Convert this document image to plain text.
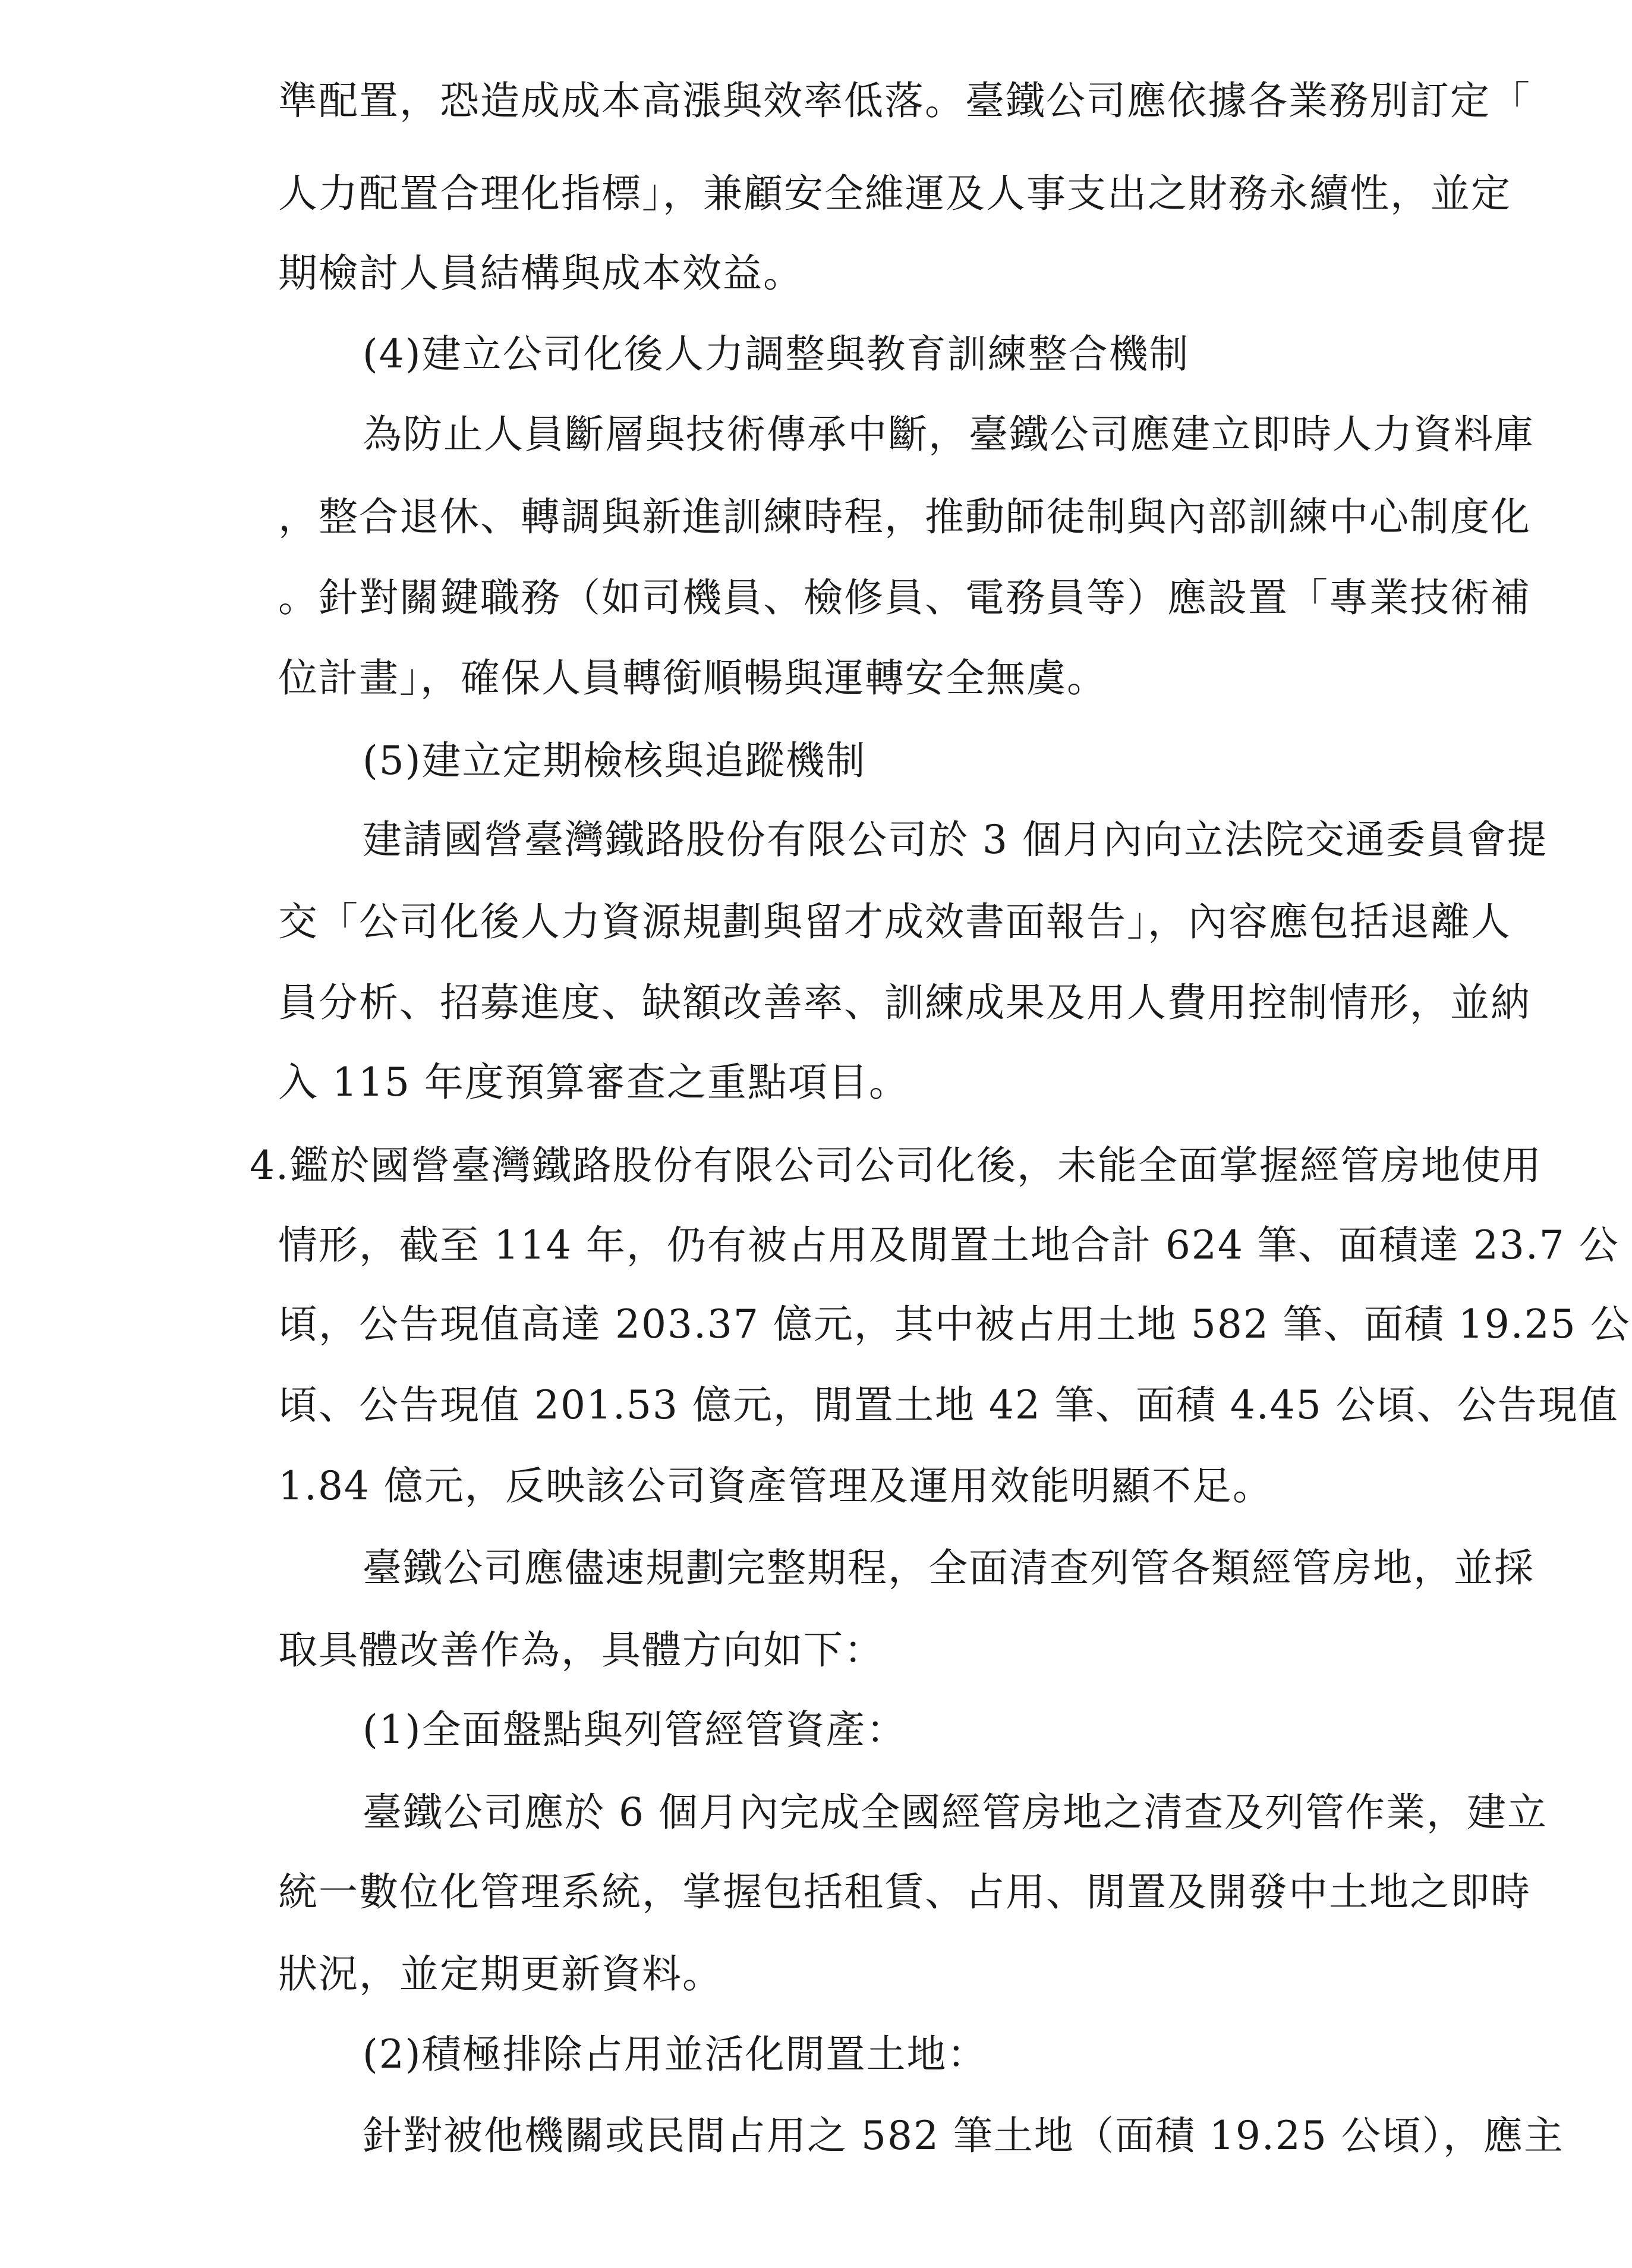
準配置，恐造成成本高漲與效率低落。臺鐵公司應依據各業務別訂定「
人力配置合理化指標」，兼顧安全維運及人事支出之財務永續性，並定
期檢討人員結構與成本效益。
(4)建立公司化後人力調整與教育訓練整合機制
為防止人員斷層與技術傳承中斷，臺鐵公司應建立即時人力資料庫
，整合退休、轉調與新進訓練時程，推動師徒制與內部訓練中心制度化
。針對關鍵職務（如司機員、檢修員、電務員等）應設置「專業技術補
位計畫」，確保人員轉銜順暢與運轉安全無虞。
(5)建立定期檢核與追蹤機制
建請國營臺灣鐵路股份有限公司於 3 個月內向立法院交通委員會提
交「公司化後人力資源規劃與留才成效書面報告」，內容應包括退離人
員分析、招募進度、缺額改善率、訓練成果及用人費用控制情形，並納
入 115 年度預算審查之重點項目。
4.鑑於國營臺灣鐵路股份有限公司公司化後，未能全面掌握經管房地使用
情形，截至 114 年，仍有被占用及閒置土地合計 624 筆、面積達 23.7 公
頃，公告現值高達 203.37 億元，其中被占用土地 582 筆、面積 19.25 公
頃、公告現值 201.53 億元，閒置土地 42 筆、面積 4.45 公頃、公告現值
1.84 億元，反映該公司資產管理及運用效能明顯不足。
臺鐵公司應儘速規劃完整期程，全面清查列管各類經管房地，並採
取具體改善作為，具體方向如下：
(1)全面盤點與列管經管資產：
臺鐵公司應於 6 個月內完成全國經管房地之清查及列管作業，建立
統一數位化管理系統，掌握包括租賃、占用、閒置及開發中土地之即時
狀況，並定期更新資料。
(2)積極排除占用並活化閒置土地：
針對被他機關或民間占用之 582 筆土地（面積 19.25 公頃），應主
